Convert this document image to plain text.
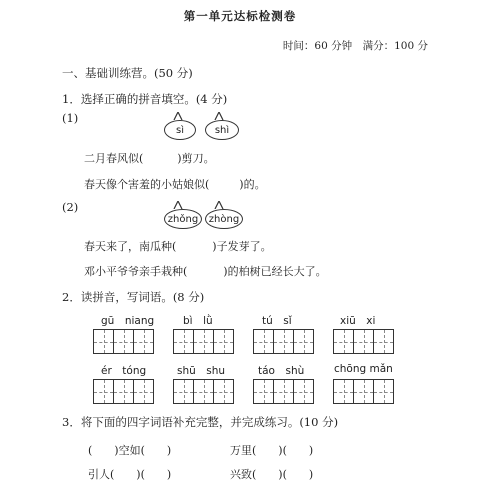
第一单元达标检测卷
时间：60 分钟　满分：100 分
一、基础训练营。(50 分)
1．选择正确的拼音填空。(4 分)
(1)
sì	shì
二月春风似(	)剪刀。
春天像个害羞的小姑娘似(	)的。
(2)
zhǒng zhòng
春天来了，南瓜种(	)子发芽了。
邓小平爷爷亲手栽种(	)的柏树已经长大了。
2．读拼音，写词语。(8 分)
gū　niang	bì　lǜ	tú　sǐ	xiū　xi
ér　tóng	shū　shu	táo　shù	chōng mǎn
3．将下面的四字词语补充完整，并完成练习。(10 分)
(　　)空如(　　)	万里(　　)(　　)
引人(　　)(　　)	兴致(　　)(　　)
